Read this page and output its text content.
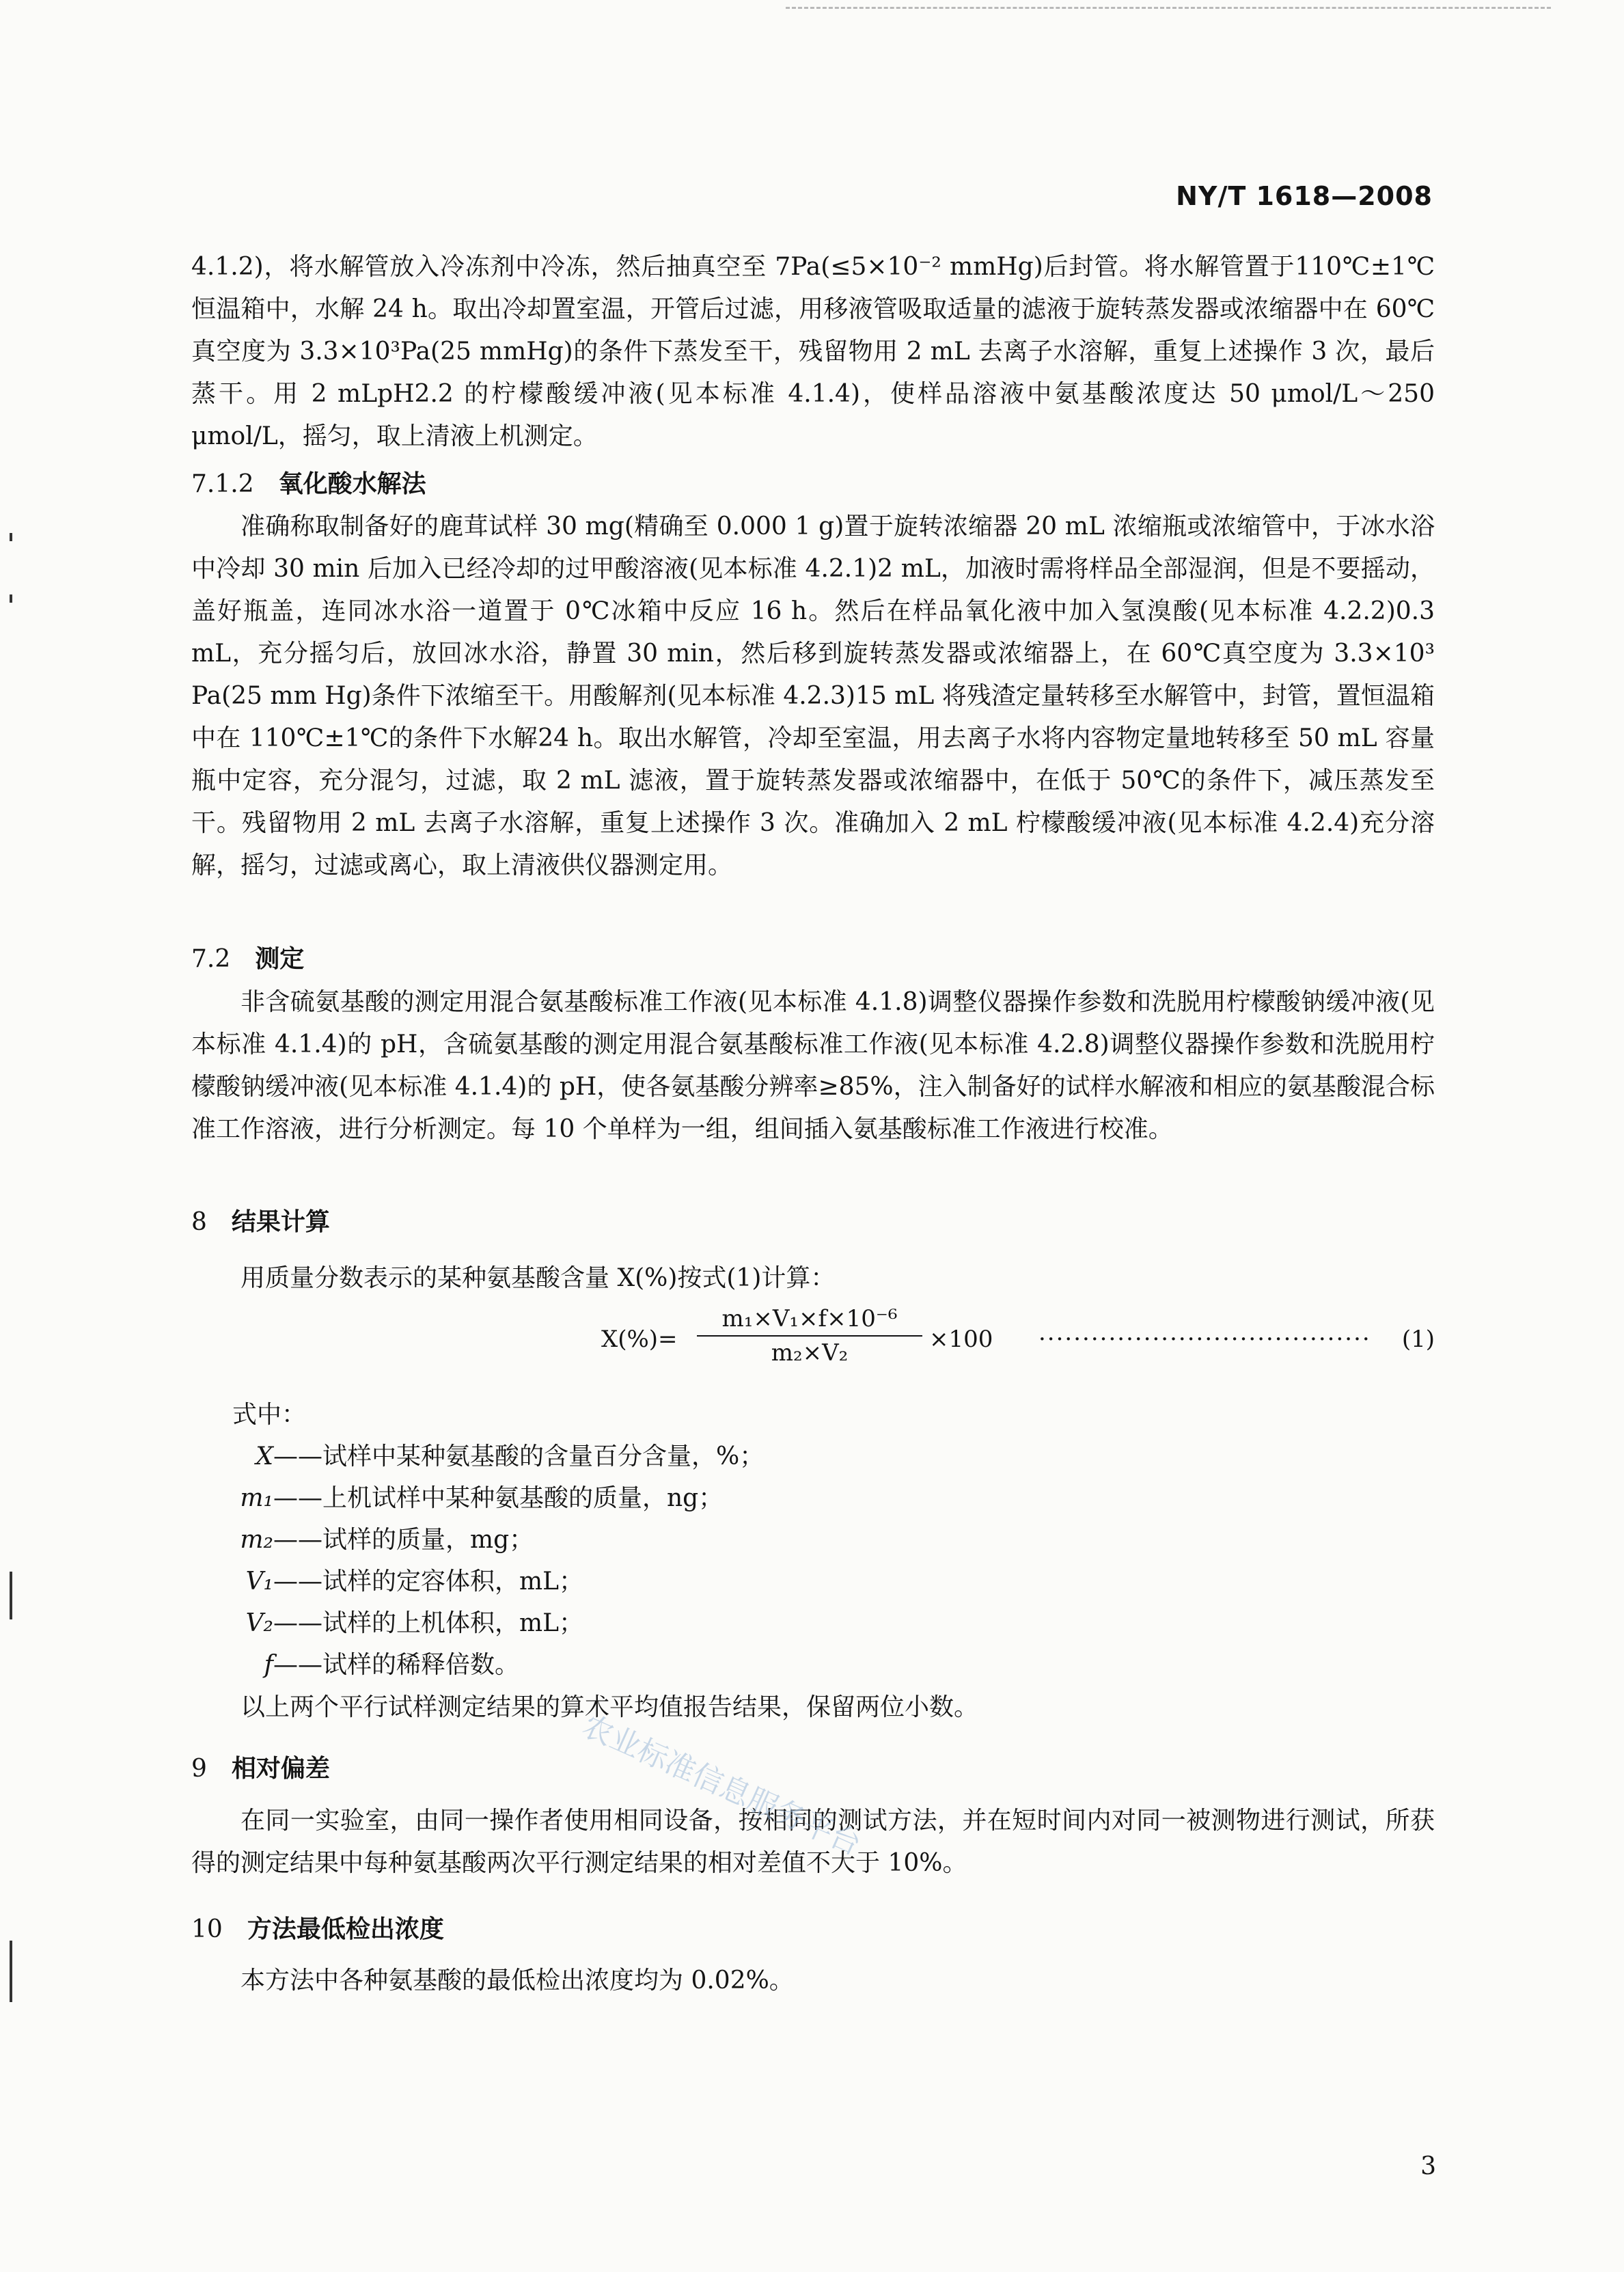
NY/T 1618—2008

4.1.2)，将水解管放入冷冻剂中冷冻，然后抽真空至 7Pa(≤5×10⁻² mmHg)后封管。将水解管置于110℃±1℃恒温箱中，水解 24 h。取出冷却置室温，开管后过滤，用移液管吸取适量的滤液于旋转蒸发器或浓缩器中在 60℃真空度为 3.3×10³Pa(25 mmHg)的条件下蒸发至干，残留物用 2 mL 去离子水溶解，重复上述操作 3 次，最后蒸干。用 2 mLpH2.2 的柠檬酸缓冲液(见本标准 4.1.4)，使样品溶液中氨基酸浓度达 50 μmol/L～250 μmol/L，摇匀，取上清液上机测定。

7.1.2 氧化酸水解法

准确称取制备好的鹿茸试样 30 mg(精确至 0.000 1 g)置于旋转浓缩器 20 mL 浓缩瓶或浓缩管中，于冰水浴中冷却 30 min 后加入已经冷却的过甲酸溶液(见本标准 4.2.1)2 mL，加液时需将样品全部湿润，但是不要摇动，盖好瓶盖，连同冰水浴一道置于 0℃冰箱中反应 16 h。然后在样品氧化液中加入氢溴酸(见本标准 4.2.2)0.3 mL，充分摇匀后，放回冰水浴，静置 30 min，然后移到旋转蒸发器或浓缩器上，在 60℃真空度为 3.3×10³ Pa(25 mm Hg)条件下浓缩至干。用酸解剂(见本标准 4.2.3)15 mL 将残渣定量转移至水解管中，封管，置恒温箱中在 110℃±1℃的条件下水解24 h。取出水解管，冷却至室温，用去离子水将内容物定量地转移至 50 mL 容量瓶中定容，充分混匀，过滤，取 2 mL 滤液，置于旋转蒸发器或浓缩器中，在低于 50℃的条件下，减压蒸发至干。残留物用 2 mL 去离子水溶解，重复上述操作 3 次。准确加入 2 mL 柠檬酸缓冲液(见本标准 4.2.4)充分溶解，摇匀，过滤或离心，取上清液供仪器测定用。

7.2 测定

非含硫氨基酸的测定用混合氨基酸标准工作液(见本标准 4.1.8)调整仪器操作参数和洗脱用柠檬酸钠缓冲液(见本标准 4.1.4)的 pH，含硫氨基酸的测定用混合氨基酸标准工作液(见本标准 4.2.8)调整仪器操作参数和洗脱用柠檬酸钠缓冲液(见本标准 4.1.4)的 pH，使各氨基酸分辨率≥85%，注入制备好的试样水解液和相应的氨基酸混合标准工作溶液，进行分析测定。每 10 个单样为一组，组间插入氨基酸标准工作液进行校准。

8 结果计算

用质量分数表示的某种氨基酸含量 X(%)按式(1)计算：

$X(\%)= \frac{\text{m₁×V₁×f×10⁻⁶}}{\text{m₂×V₂}} \times 100$ ······································ (1)
式中：
X——试样中某种氨基酸的含量百分含量，%；
m₁——上机试样中某种氨基酸的质量，ng；
m₂——试样的质量，mg；
V₁——试样的定容体积，mL；
V₂——试样的上机体积，mL；
f——试样的稀释倍数。

以上两个平行试样测定结果的算术平均值报告结果，保留两位小数。

9 相对偏差

在同一实验室，由同一操作者使用相同设备，按相同的测试方法，并在短时间内对同一被测物进行测试，所获得的测定结果中每种氨基酸两次平行测定结果的相对差值不大于 10%。

10 方法最低检出浓度

本方法中各种氨基酸的最低检出浓度均为 0.02%。

农业标准信息服务平台
3
